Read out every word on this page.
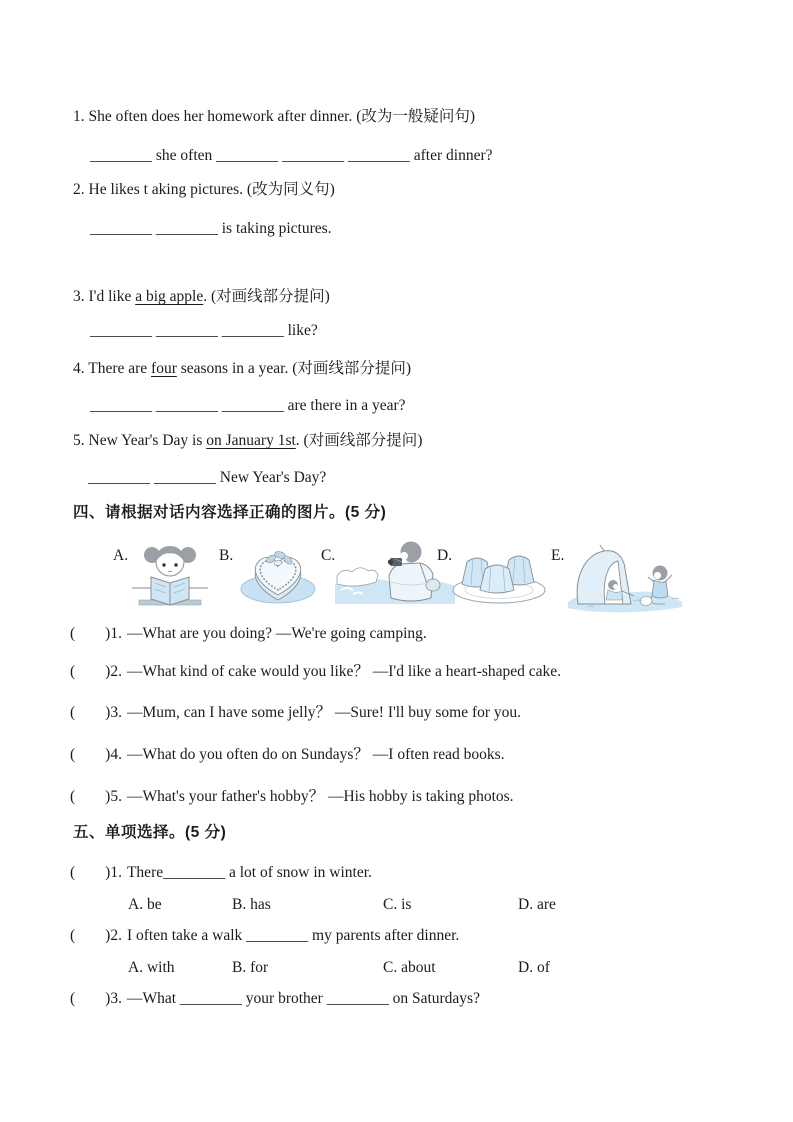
1. She often does her homework after dinner. (改为一般疑问句)
________ she often ________ ________ ________ after dinner?
2. He likes t aking pictures. (改为同义句)
________ ________ is taking pictures.
3. I'd like a big apple. (对画线部分提问)
________ ________ ________ like?
4. There are four seasons in a year. (对画线部分提问)
________ ________ ________ are there in a year?
5. New Year's Day is on January 1st. (对画线部分提问)
________ ________ New Year's Day?
四、请根据对话内容选择正确的图片。(5 分)
A.	B.	C.	D.	E.
( )1. —What are you doing? —We're going camping.
( )2. —What kind of cake would you like？ —I'd like a heart-shaped cake.
( )3. —Mum, can I have some jelly？ —Sure! I'll buy some for you.
( )4. —What do you often do on Sundays？ —I often read books.
( )5. —What's your father's hobby？ —His hobby is taking photos.
五、单项选择。(5 分)
( )1. There________ a lot of snow in winter.
A. be	B. has	C. is	D. are
( )2. I often take a walk ________ my parents after dinner.
A. with	B. for	C. about	D. of
( )3. —What ________ your brother ________ on Saturdays?
